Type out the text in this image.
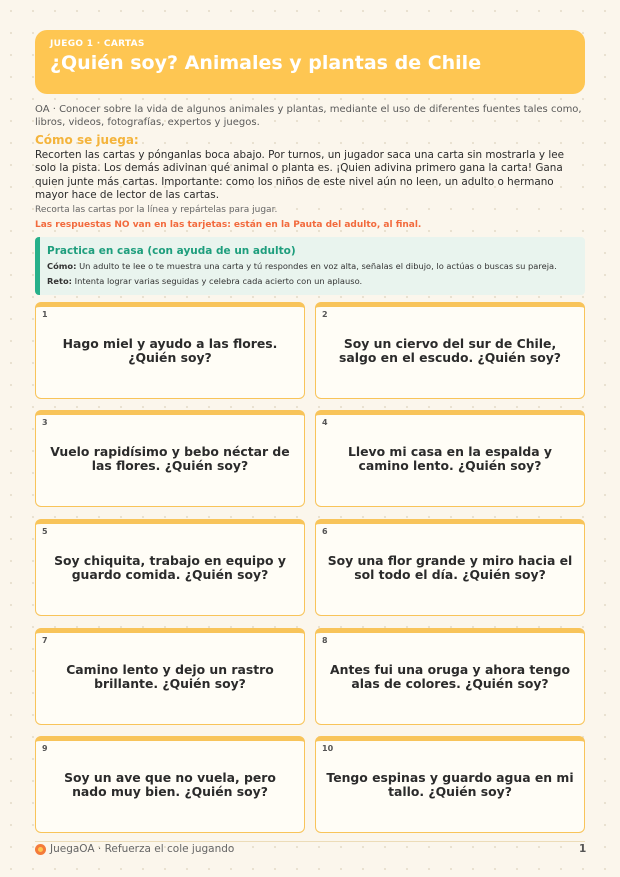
JUEGO 1 · CARTAS
¿Quién soy? Animales y plantas de Chile
OA · Conocer sobre la vida de algunos animales y plantas, mediante el uso de diferentes fuentes tales como, libros, videos, fotografías, expertos y juegos.
Cómo se juega:
Recorten las cartas y pónganlas boca abajo. Por turnos, un jugador saca una carta sin mostrarla y lee solo la pista. Los demás adivinan qué animal o planta es. ¡Quien adivina primero gana la carta! Gana quien junte más cartas. Importante: como los niños de este nivel aún no leen, un adulto o hermano mayor hace de lector de las cartas.
Recorta las cartas por la línea y repártelas para jugar.
Las respuestas NO van en las tarjetas: están en la Pauta del adulto, al final.
Practica en casa (con ayuda de un adulto)
Cómo: Un adulto te lee o te muestra una carta y tú respondes en voz alta, señalas el dibujo, lo actúas o buscas su pareja.
Reto: Intenta lograr varias seguidas y celebra cada acierto con un aplauso.
1
Hago miel y ayudo a las flores. ¿Quién soy?
2
Soy un ciervo del sur de Chile, salgo en el escudo. ¿Quién soy?
3
Vuelo rapidísimo y bebo néctar de las flores. ¿Quién soy?
4
Llevo mi casa en la espalda y camino lento. ¿Quién soy?
5
Soy chiquita, trabajo en equipo y guardo comida. ¿Quién soy?
6
Soy una flor grande y miro hacia el sol todo el día. ¿Quién soy?
7
Camino lento y dejo un rastro brillante. ¿Quién soy?
8
Antes fui una oruga y ahora tengo alas de colores. ¿Quién soy?
9
Soy un ave que no vuela, pero nado muy bien. ¿Quién soy?
10
Tengo espinas y guardo agua en mi tallo. ¿Quién soy?
JuegaOA · Refuerza el cole jugando	1
